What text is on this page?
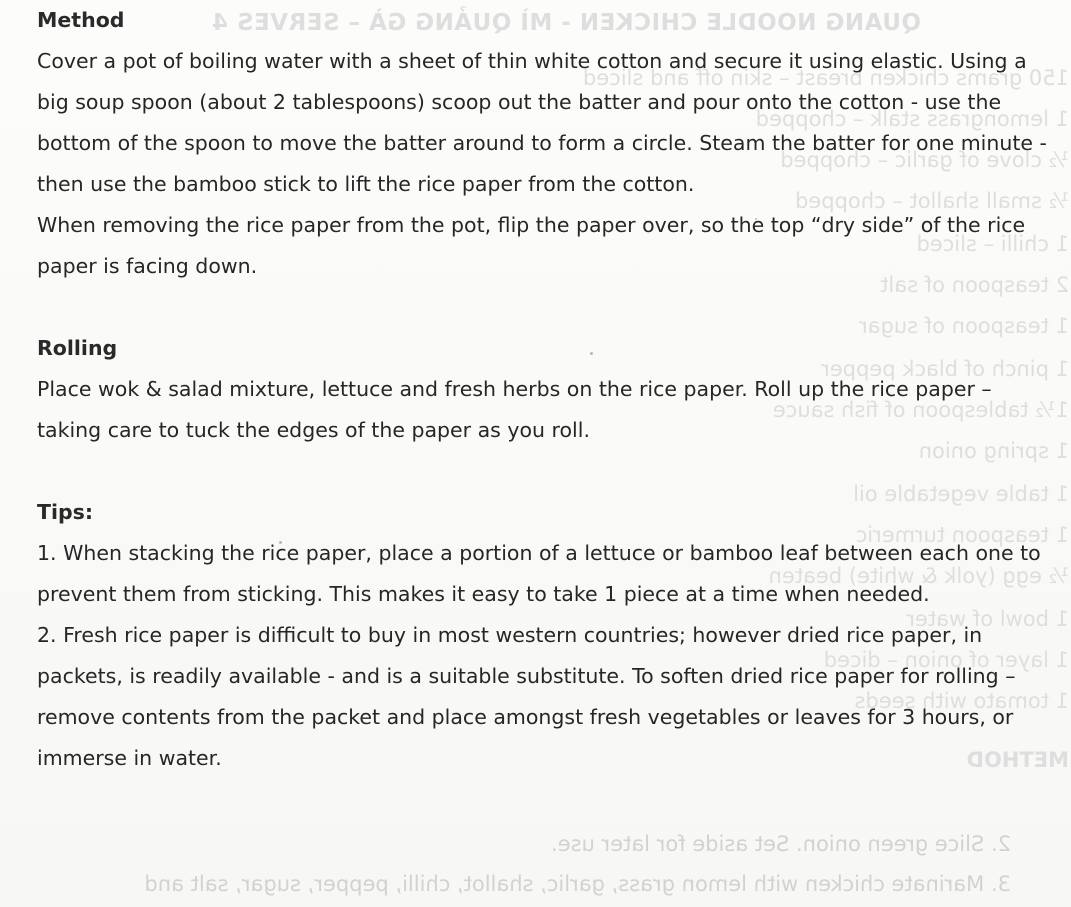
QUANG NOODLE CHICKEN - MÌ QUẢNG GÀ – SERVES 4
150 grams chicken breast – skin off and sliced
1 lemongrass stalk – chopped
½ clove of garlic – chopped
½ small shallot – chopped
1 chilli – sliced
2 teaspoon of salt
1 teaspoon of sugar
1 pinch of black pepper
1½ tablespoon of fish sauce
1 spring onion
1 table vegetable oil
1 teaspoon turmeric
½ egg (yolk & white) beaten
1 bowl of water
1 layer of onion – diced
1 tomato with seeds
METHOD
2. Slice green onion. Set aside for later use.
3. Marinate chicken with lemon grass, garlic, shallot, chilli, pepper, sugar, salt and
Method
Cover a pot of boiling water with a sheet of thin white cotton and secure it using elastic. Using a big soup spoon (about 2 tablespoons) scoop out the batter and pour onto the cotton - use the bottom of the spoon to move the batter around to form a circle. Steam the batter for one minute - then use the bamboo stick to lift the rice paper from the cotton.
When removing the rice paper from the pot, flip the paper over, so the top “dry side” of the rice paper is facing down.
Rolling
Place wok & salad mixture, lettuce and fresh herbs on the rice paper. Roll up the rice paper – taking care to tuck the edges of the paper as you roll.
Tips:
1. When stacking the rice paper, place a portion of a lettuce or bamboo leaf between each one to prevent them from sticking. This makes it easy to take 1 piece at a time when needed.
2. Fresh rice paper is difficult to buy in most western countries; however dried rice paper, in packets, is readily available - and is a suitable substitute. To soften dried rice paper for rolling – remove contents from the packet and place amongst fresh vegetables or leaves for 3 hours, or immerse in water.
